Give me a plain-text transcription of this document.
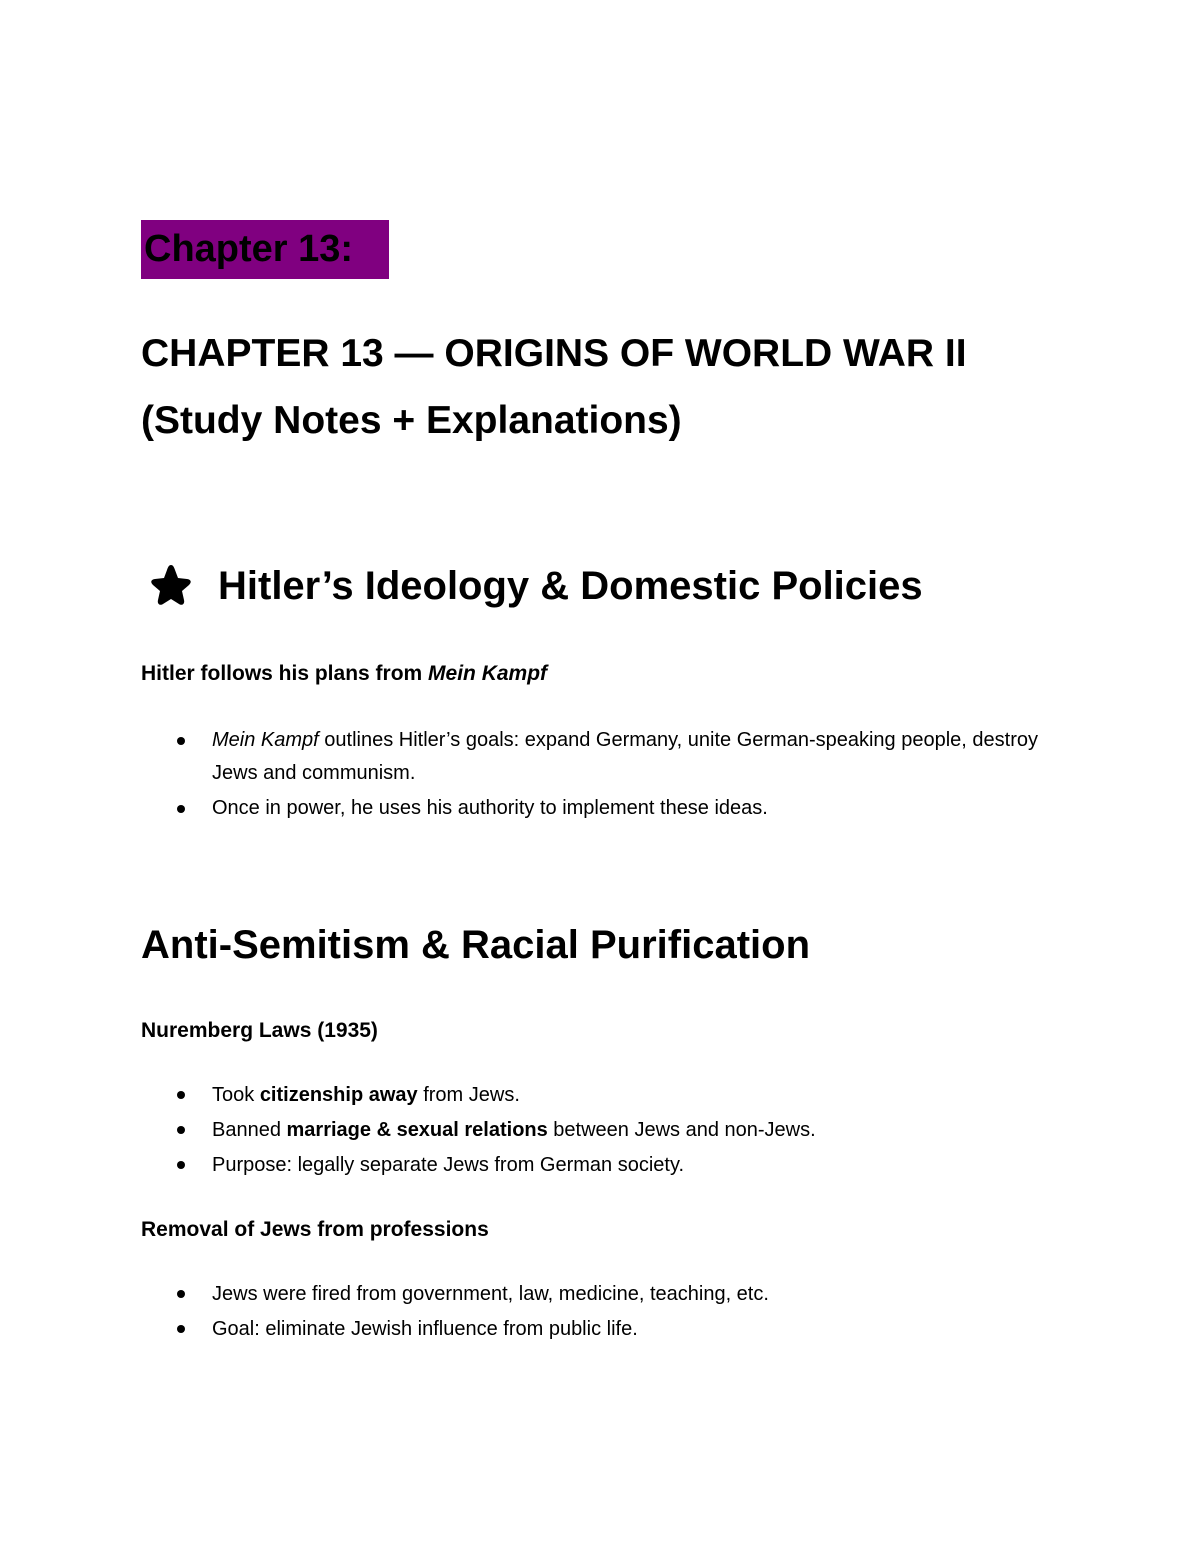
Chapter 13:
CHAPTER 13 — ORIGINS OF WORLD WAR II
(Study Notes + Explanations)
Hitler’s Ideology & Domestic Policies
Hitler follows his plans from Mein Kampf
Mein Kampf outlines Hitler’s goals: expand Germany, unite German-speaking people, destroy Jews and communism.
Once in power, he uses his authority to implement these ideas.
Anti-Semitism & Racial Purification
Nuremberg Laws (1935)
Took citizenship away from Jews.
Banned marriage & sexual relations between Jews and non-Jews.
Purpose: legally separate Jews from German society.
Removal of Jews from professions
Jews were fired from government, law, medicine, teaching, etc.
Goal: eliminate Jewish influence from public life.
